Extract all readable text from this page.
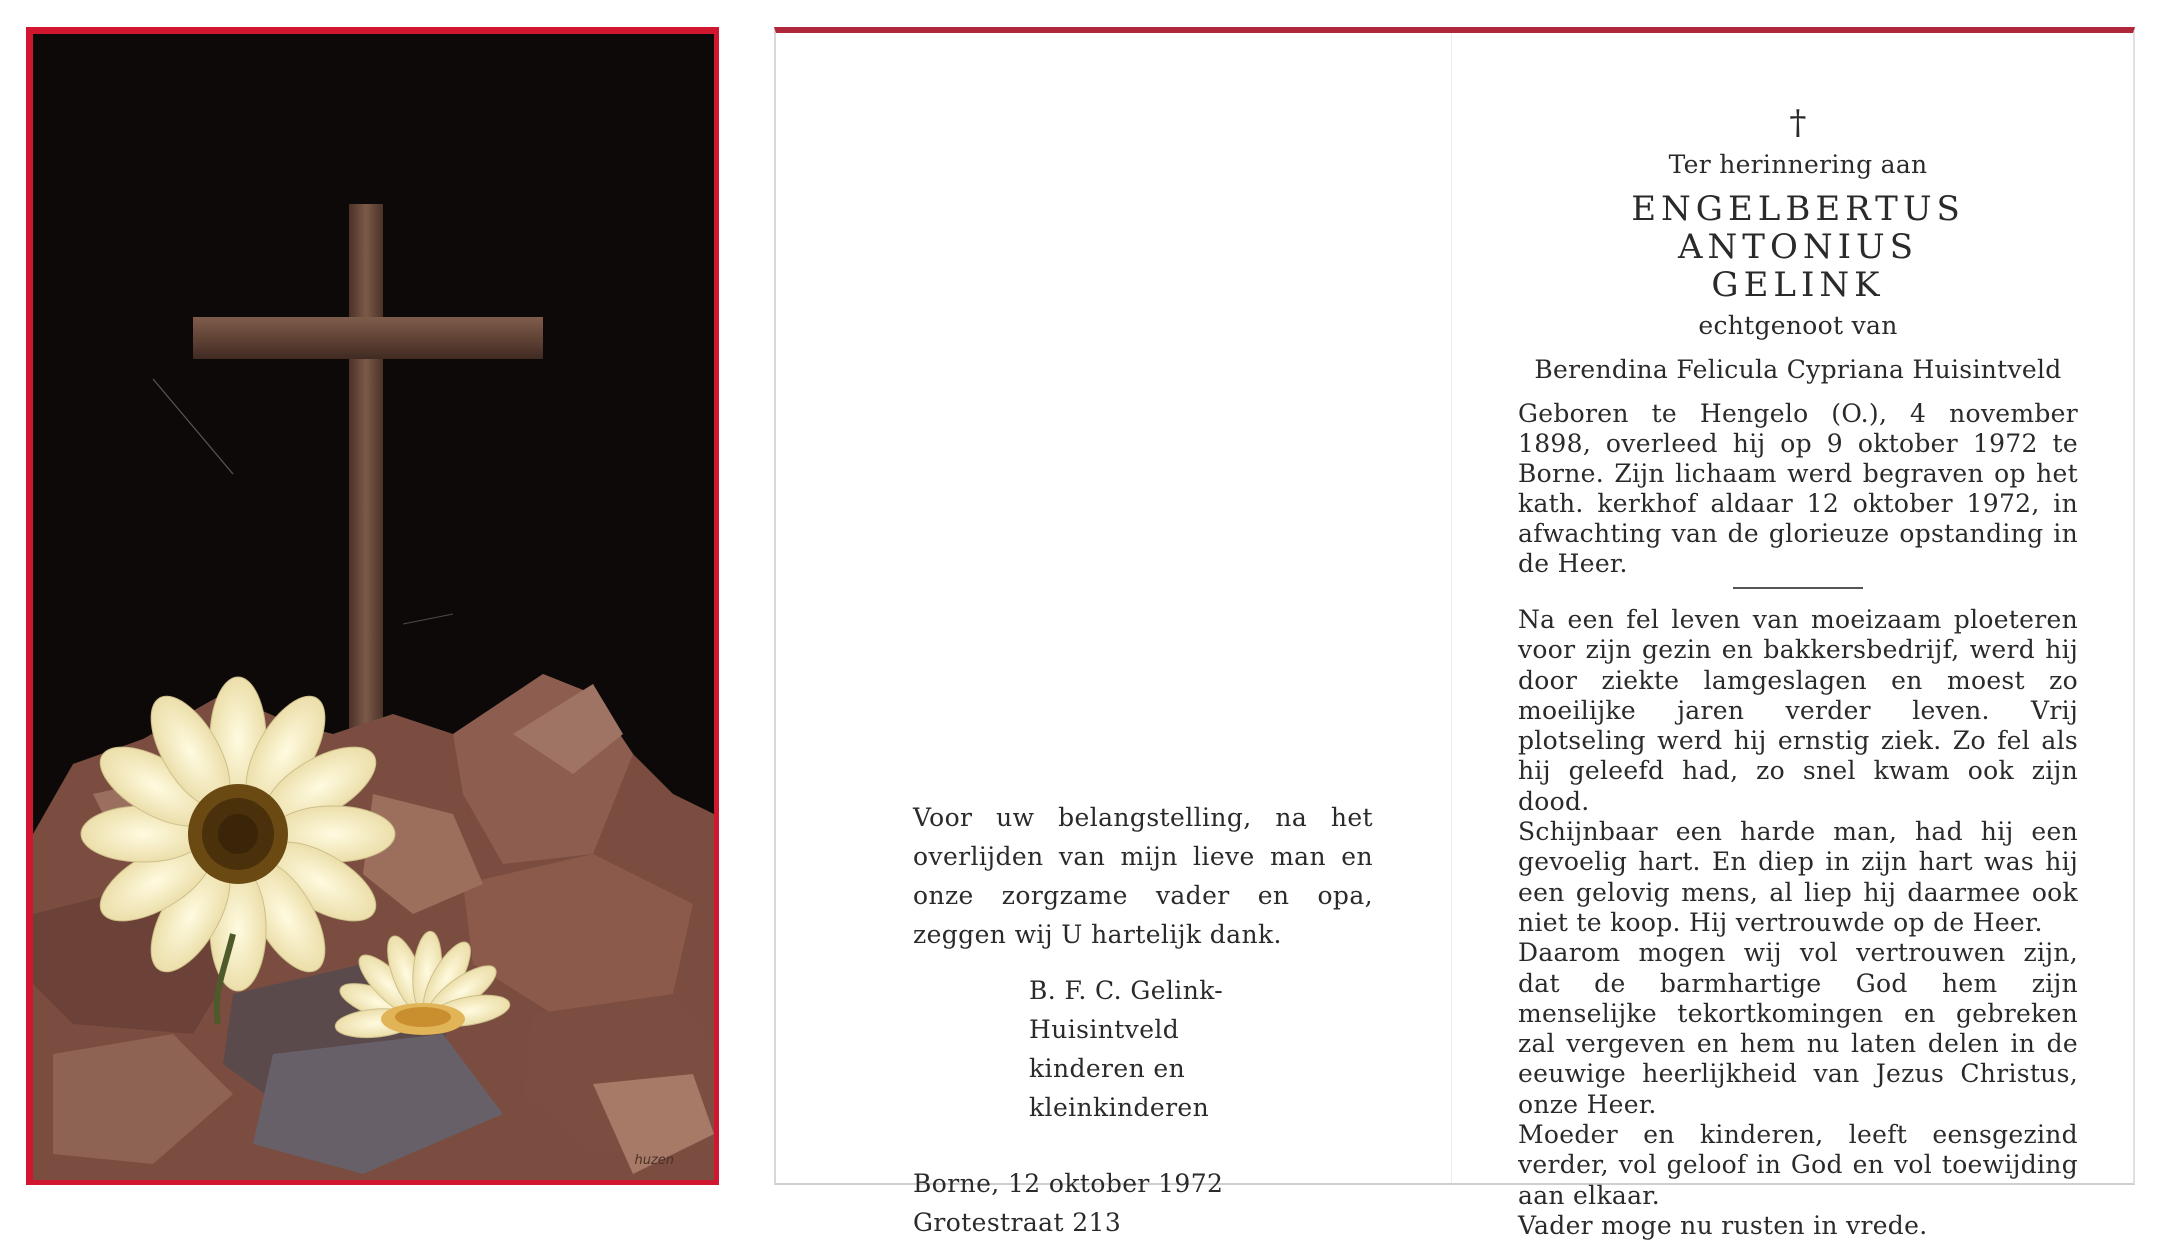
huzen

Voor uw belangstelling, na het overlijden van mijn lieve man en onze zorgzame vader en opa, zeggen wij U hartelijk dank.

B. F. C. Gelink-Huisintveld
kinderen en kleinkinderen
Borne, 12 oktober 1972
Grotestraat 213
†
Ter herinnering aan
ENGELBERTUS ANTONIUS
GELINK
echtgenoot van
Berendina Felicula Cypriana Huisintveld
Geboren te Hengelo (O.), 4 november 1898, overleed hij op 9 oktober 1972 te Borne. Zijn lichaam werd begraven op het kath. kerkhof aldaar 12 oktober 1972, in afwachting van de glorieuze opstanding in de Heer.

Na een fel leven van moeizaam ploeteren voor zijn gezin en bakkersbedrijf, werd hij door ziekte lamgeslagen en moest zo moeilijke jaren verder leven. Vrij plotseling werd hij ernstig ziek. Zo fel als hij geleefd had, zo snel kwam ook zijn dood.

Schijnbaar een harde man, had hij een gevoelig hart. En diep in zijn hart was hij een gelovig mens, al liep hij daarmee ook niet te koop. Hij vertrouwde op de Heer.

Daarom mogen wij vol vertrouwen zijn, dat de barmhartige God hem zijn menselijke tekortkomingen en gebreken zal vergeven en hem nu laten delen in de eeuwige heerlijkheid van Jezus Christus, onze Heer.

Moeder en kinderen, leeft eensgezind verder, vol geloof in God en vol toewijding aan elkaar.

Vader moge nu rusten in vrede.
